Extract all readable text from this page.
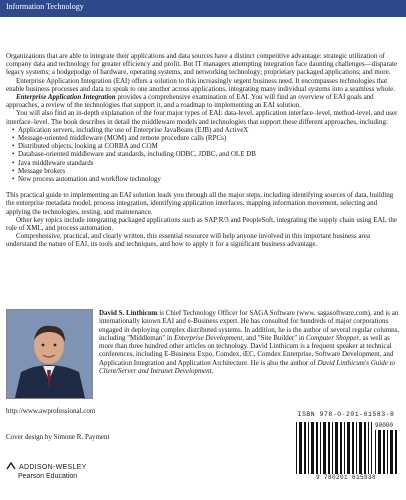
Information Technology

Organizations that are able to integrate their applications and data sources have a distinct competitive advantage: strategic utilization of company data and technology for greater efficiency and profit. But IT managers attempting integration face daunting challenges—disparate legacy systems; a hodgepodge of hardware, operating systems, and networking technology; proprietary packaged applications; and more.

Enterprise Application Integration (EAI) offers a solution to this increasingly urgent business need. It encompasses technologies that enable business processes and data to speak to one another across applications, integrating many individual systems into a seamless whole.

Enterprise Application Integration provides a comprehensive examination of EAI. You will find an overview of EAI goals and approaches, a review of the technologies that support it, and a roadmap to implementing an EAI solution.

You will also find an in-depth explanation of the four major types of EAI: data-level, application interface–level, method-level, and user interface–level. The book describes in detail the middleware models and technologies that support these different approaches, including:

• Application servers, including the use of Enterprise JavaBeans (EJB) and ActiveX
• Message-oriented middleware (MOM) and remote procedure calls (RPCs)
• Distributed objects, looking at CORBA and COM
• Database-oriented middleware and standards, including ODBC, JDBC, and OLE DB
• Java middleware standards
• Message brokers
• New process automation and workflow technology

This practical guide to implementing an EAI solution leads you through all the major steps, including identifying sources of data, building the enterprise metadata model, process integration, identifying application interfaces, mapping information movement, selecting and applying the technologies, testing, and maintenance.

Other key topics include integrating packaged applications such as SAP R/3 and PeopleSoft, integrating the supply chain using EAI, the role of XML, and process automation.

Comprehensive, practical, and clearly written, this essential resource will help anyone involved in this important business area understand the nature of EAI, its tools and techniques, and how to apply it for a significant business advantage.

David S. Linthicum is Chief Technology Officer for SAGA Software (www. sagasoftware.com), and is an internationally known EAI and e-Business expert. He has consulted for hundreds of major corporations engaged in deploying complex distributed systems. In addition, he is the author of several regular columns, including "Middleman" in Enterprise Development, and "Site Builder" in Computer Shopper, as well as more than three hundred other articles on technology. David Linthicum is a frequent speaker at technical conferences, including E-Business Expo, Comdex, iEC, Comdex Enterprise, Software Development, and Application Integration and Application Architecture. He is also the author of David Linthicum's Guide to Client/Server and Intranet Development.
http://www.awprofessional.com
Cover design by Simone R. Payment
ADDISON-WESLEY
Pearson Education
ISBN 978-0-201-61583-8
90000
9 780201 615838
